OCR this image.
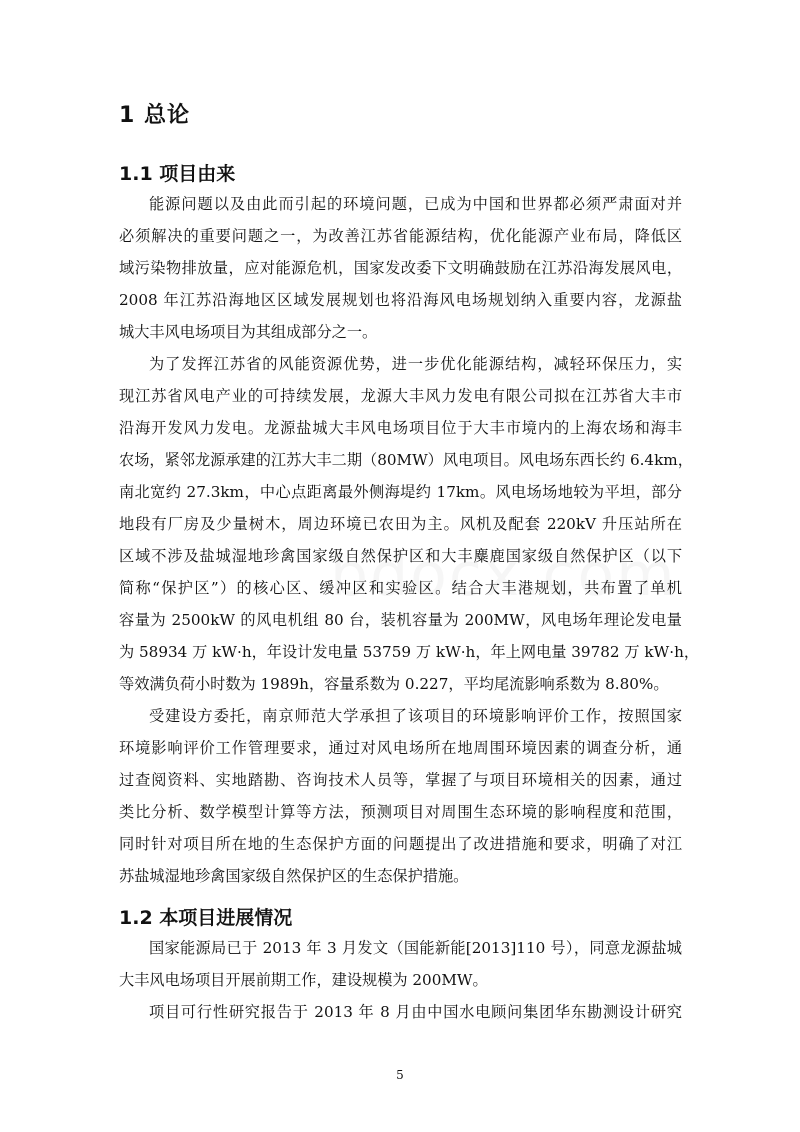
1 总论
1.1 项目由来

能源问题以及由此而引起的环境问题，已成为中国和世界都必须严肃面对并
必须解决的重要问题之一，为改善江苏省能源结构，优化能源产业布局，降低区
域污染物排放量，应对能源危机，国家发改委下文明确鼓励在江苏沿海发展风电，
2008 年江苏沿海地区区域发展规划也将沿海风电场规划纳入重要内容，龙源盐
城大丰风电场项目为其组成部分之一。

为了发挥江苏省的风能资源优势，进一步优化能源结构，减轻环保压力，实
现江苏省风电产业的可持续发展，龙源大丰风力发电有限公司拟在江苏省大丰市
沿海开发风力发电。龙源盐城大丰风电场项目位于大丰市境内的上海农场和海丰
农场，紧邻龙源承建的江苏大丰二期（80MW）风电项目。风电场东西长约 6.4km，
南北宽约 27.3km，中心点距离最外侧海堤约 17km。风电场场地较为平坦，部分
地段有厂房及少量树木，周边环境已农田为主。风机及配套 220kV 升压站所在
区域不涉及盐城湿地珍禽国家级自然保护区和大丰麋鹿国家级自然保护区（以下
简称“保护区”）的核心区、缓冲区和实验区。结合大丰港规划，共布置了单机
容量为 2500kW 的风电机组 80 台，装机容量为 200MW，风电场年理论发电量
为 58934 万 kW·h，年设计发电量 53759 万 kW·h，年上网电量 39782 万 kW·h，
等效满负荷小时数为 1989h，容量系数为 0.227，平均尾流影响系数为 8.80%。

受建设方委托，南京师范大学承担了该项目的环境影响评价工作，按照国家
环境影响评价工作管理要求，通过对风电场所在地周围环境因素的调查分析，通
过查阅资料、实地踏勘、咨询技术人员等，掌握了与项目环境相关的因素，通过
类比分析、数学模型计算等方法，预测项目对周围生态环境的影响程度和范围，
同时针对项目所在地的生态保护方面的问题提出了改进措施和要求，明确了对江
苏盐城湿地珍禽国家级自然保护区的生态保护措施。

1.2 本项目进展情况

国家能源局已于 2013 年 3 月发文（国能新能[2013]110 号），同意龙源盐城
大丰风电场项目开展前期工作，建设规模为 200MW。

项目可行性研究报告于 2013 年 8 月由中国水电顾问集团华东勘测设计研究

5
